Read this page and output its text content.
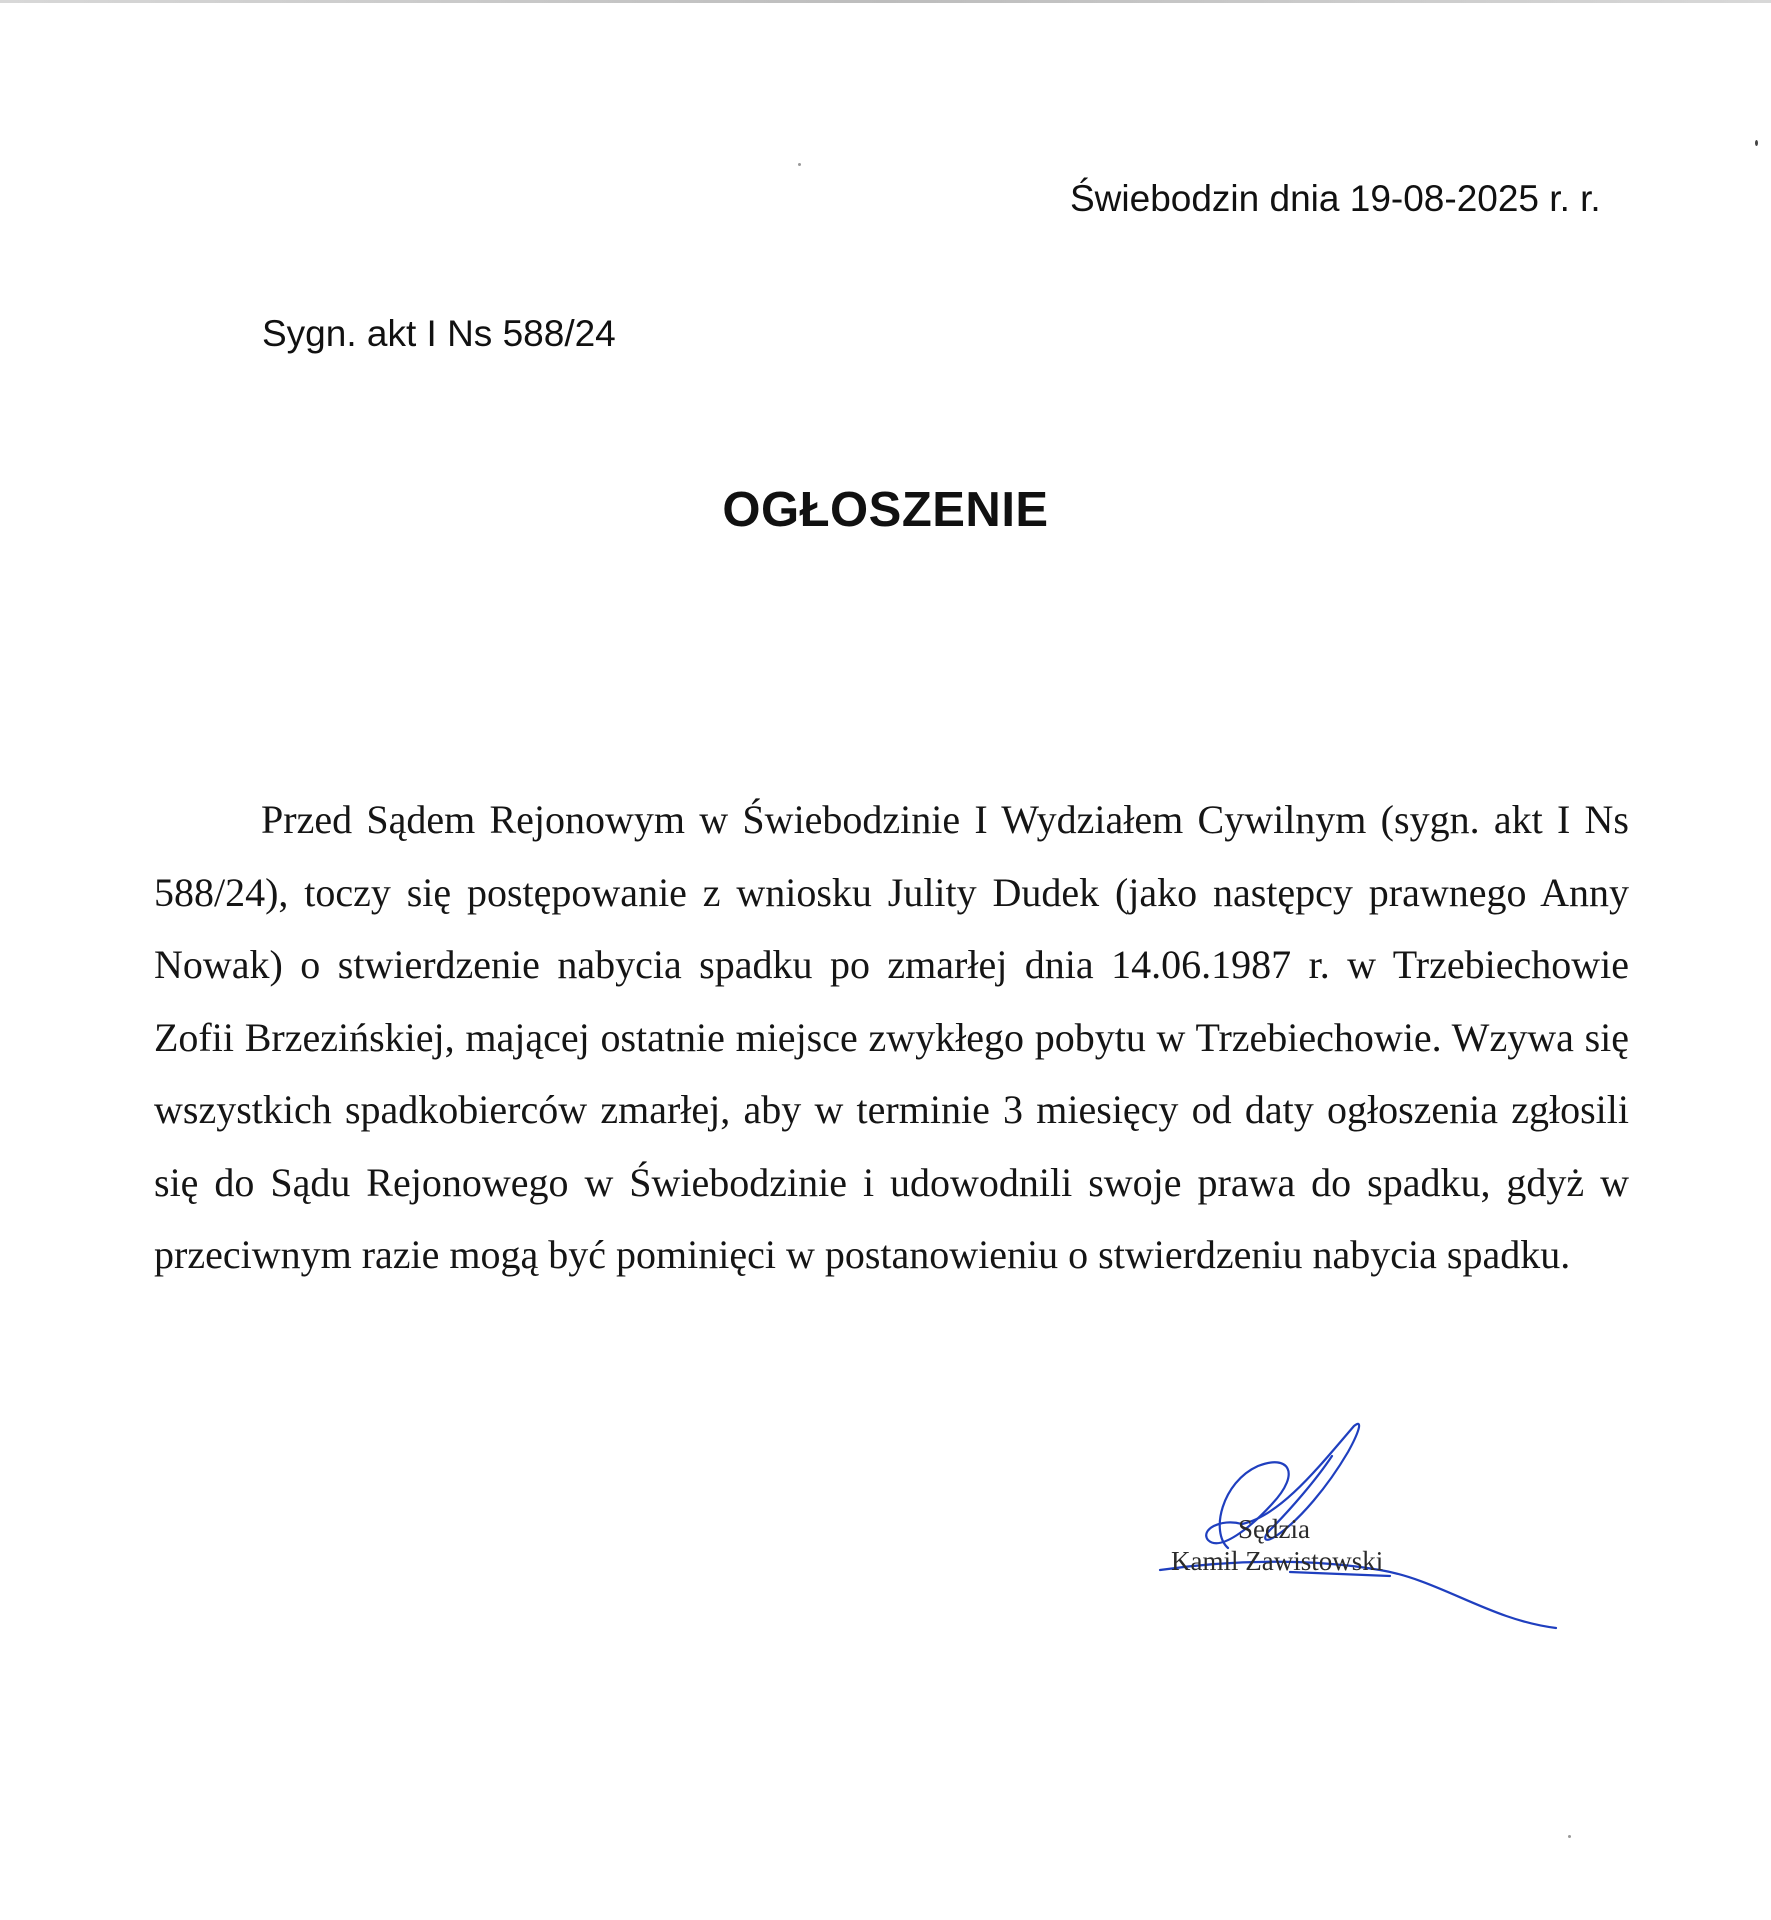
Świebodzin dnia 19-08-2025 r. r.
Sygn. akt I Ns 588/24
OGŁOSZENIE

Przed Sądem Rejonowym w Świebodzinie I Wydziałem Cywilnym (sygn. akt I Ns 588/24), toczy się postępowanie z wniosku Julity Dudek (jako następcy prawnego Anny Nowak) o stwierdzenie nabycia spadku po zmarłej dnia 14.06.1987 r. w Trzebiechowie Zofii Brzezińskiej, mającej ostatnie miejsce zwykłego pobytu w Trzebiechowie. Wzywa się wszystkich spadkobierców zmarłej, aby w terminie 3 miesięcy od daty ogłoszenia zgłosili się do Sądu Rejonowego w Świebodzinie i udowodnili swoje prawa do spadku, gdyż w przeciwnym razie mogą być pominięci w postanowieniu o stwierdzeniu nabycia spadku.

Sędzia
Kamil Zawistowski
